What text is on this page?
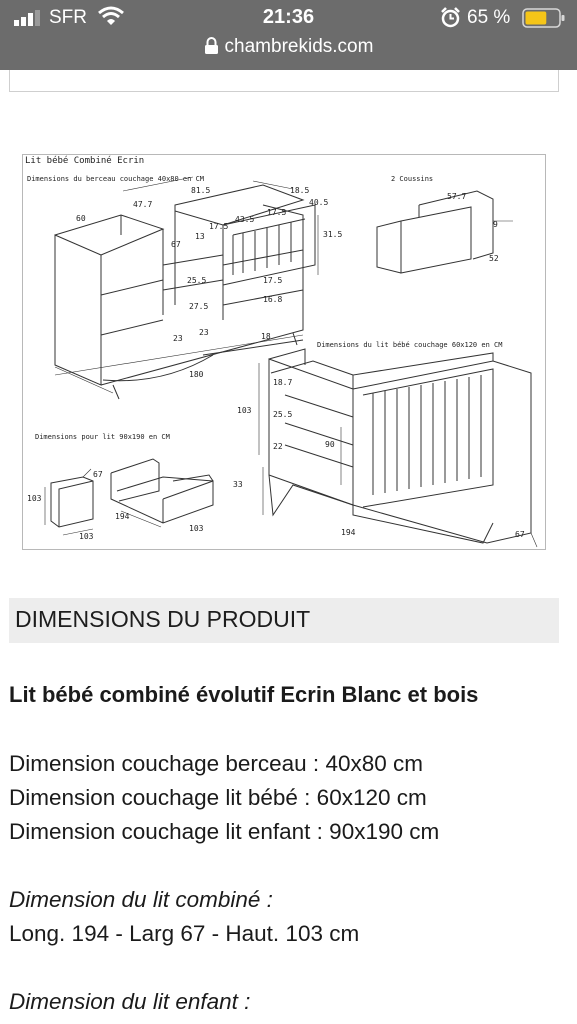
SFR	21:36	65 %
chambrekids.com
Lit bébé Combiné Ecrin
Dimensions du berceau couchage 40x80 en CM	2 Coussins
Dimensions du lit bébé couchage 60x120 en CM
Dimensions pour lit 90x190 en CM
81.5
47.7
18.5
40.5
60
17.5
43.5
17.5
13
67
31.5
25.5	17.5
16.8
27.5
23
23	18
180
57.7
9
52
18.7
103	25.5
22	90
33
194	67
67
103
194
103
103
DIMENSIONS DU PRODUIT
Lit bébé combiné évolutif Ecrin Blanc et bois
Dimension couchage berceau : 40x80 cm
Dimension couchage lit bébé : 60x120 cm
Dimension couchage lit enfant : 90x190 cm
Dimension du lit combiné :
Long. 194 - Larg 67 - Haut. 103 cm
Dimension du lit enfant :
